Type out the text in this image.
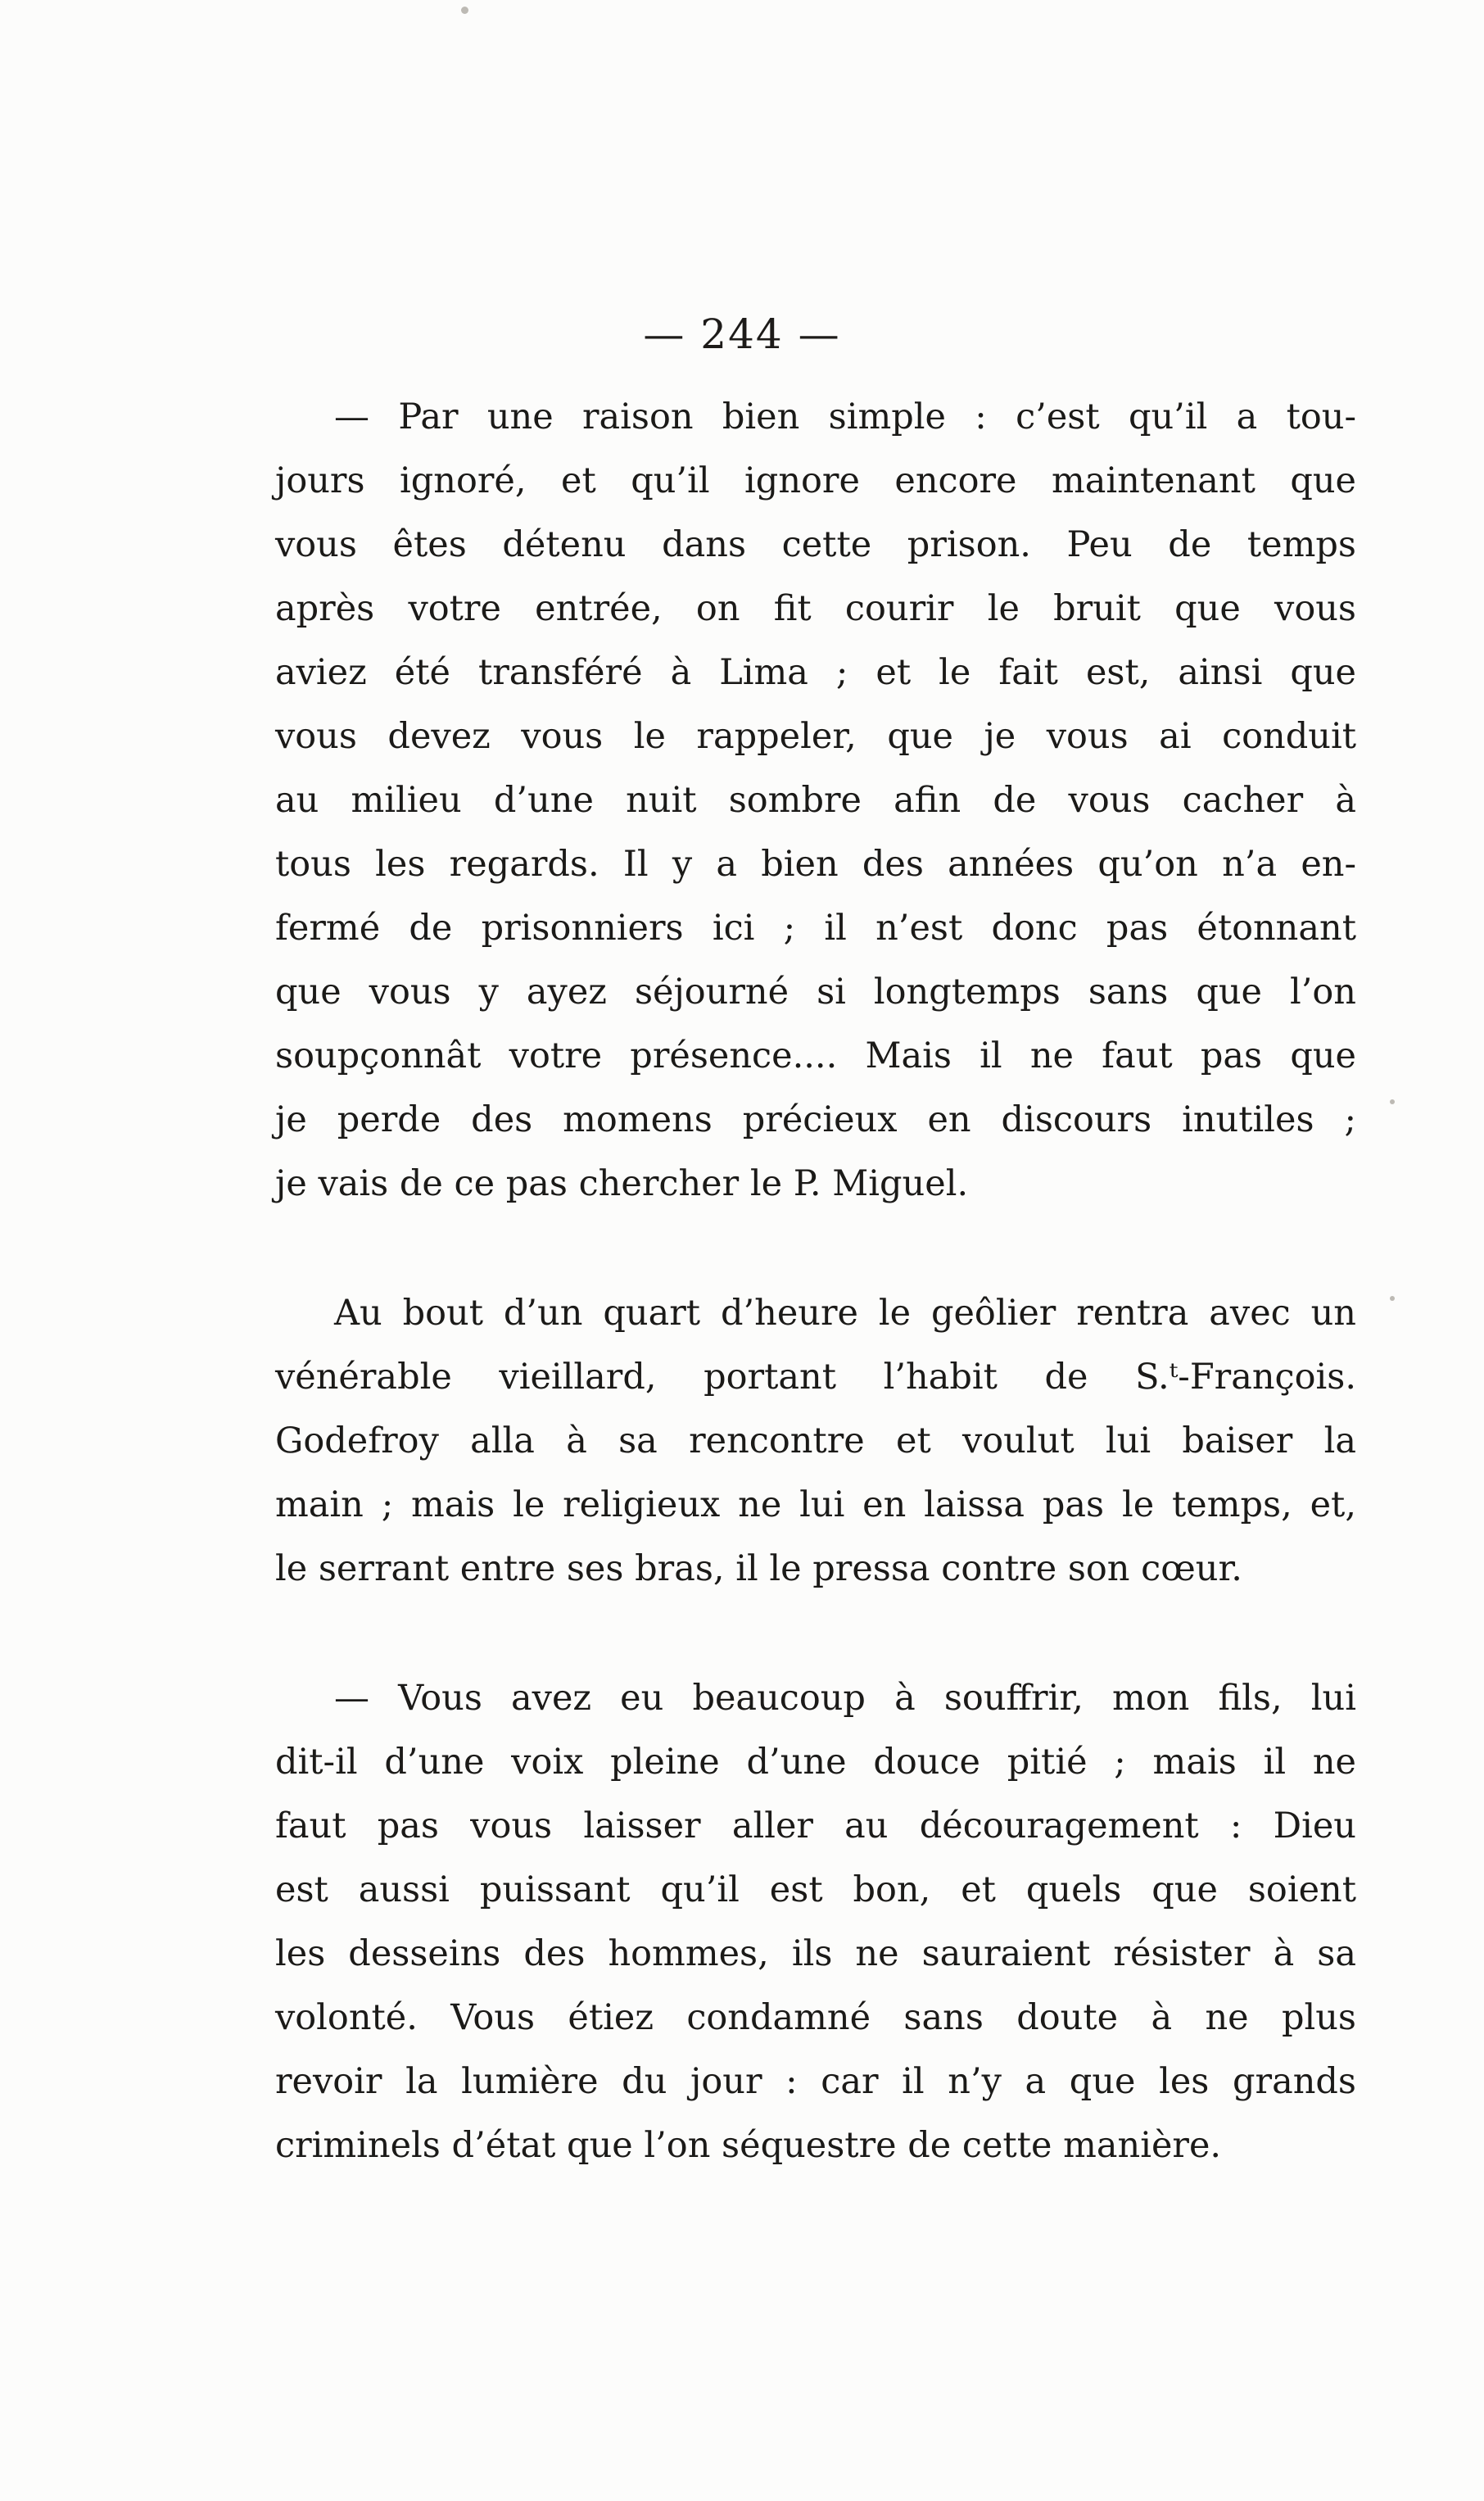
— 244 —
— Par une raison bien simple : c’est qu’il a tou-
jours ignoré, et qu’il ignore encore maintenant que
vous êtes détenu dans cette prison. Peu de temps
après votre entrée, on fit courir le bruit que vous
aviez été transféré à Lima ; et le fait est, ainsi que
vous devez vous le rappeler, que je vous ai conduit
au milieu d’une nuit sombre afin de vous cacher à
tous les regards. Il y a bien des années qu’on n’a en-
fermé de prisonniers ici ; il n’est donc pas étonnant
que vous y ayez séjourné si longtemps sans que l’on
soupçonnât votre présence.... Mais il ne faut pas que
je perde des momens précieux en discours inutiles ;
je vais de ce pas chercher le P. Miguel.
Au bout d’un quart d’heure le geôlier rentra avec un
vénérable vieillard, portant l’habit de S.ᵗ-François.
Godefroy alla à sa rencontre et voulut lui baiser la
main ; mais le religieux ne lui en laissa pas le temps, et,
le serrant entre ses bras, il le pressa contre son cœur.
— Vous avez eu beaucoup à souffrir, mon fils, lui
dit-il d’une voix pleine d’une douce pitié ; mais il ne
faut pas vous laisser aller au découragement : Dieu
est aussi puissant qu’il est bon, et quels que soient
les desseins des hommes, ils ne sauraient résister à sa
volonté. Vous étiez condamné sans doute à ne plus
revoir la lumière du jour : car il n’y a que les grands
criminels d’état que l’on séquestre de cette manière.
